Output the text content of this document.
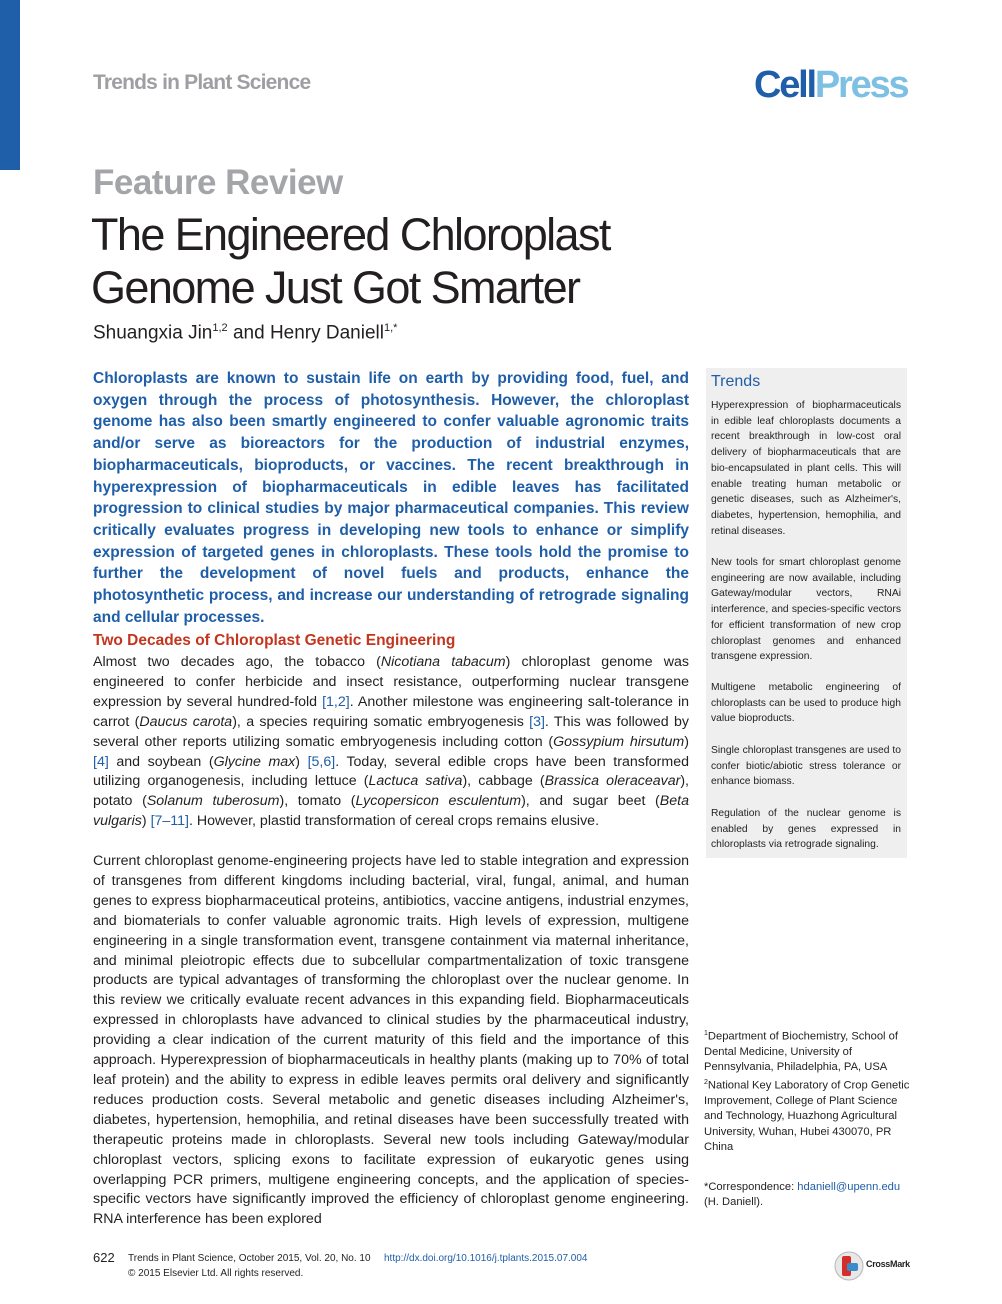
Trends in Plant Science	CellPress
Feature Review
The Engineered Chloroplast
Genome Just Got Smarter
Shuangxia Jin$^{1,2}$ and Henry Daniell$^{1,*}$

Chloroplasts are known to sustain life on earth by providing food, fuel, and oxygen through the process of photosynthesis. However, the chloroplast genome has also been smartly engineered to confer valuable agronomic traits and/or serve as bioreactors for the production of industrial enzymes, biopharmaceuticals, bioproducts, or vaccines. The recent breakthrough in hyperexpression of biopharmaceuticals in edible leaves has facilitated progression to clinical studies by major pharmaceutical companies. This review critically evaluates progress in developing new tools to enhance or simplify expression of targeted genes in chloroplasts. These tools hold the promise to further the development of novel fuels and products, enhance the photosynthetic process, and increase our understanding of retrograde signaling and cellular processes.

Two Decades of Chloroplast Genetic Engineering

Almost two decades ago, the tobacco (Nicotiana tabacum) chloroplast genome was engineered to confer herbicide and insect resistance, outperforming nuclear transgene expression by several hundred-fold [1,2]. Another milestone was engineering salt-tolerance in carrot (Daucus carota), a species requiring somatic embryogenesis [3]. This was followed by several other reports utilizing somatic embryogenesis including cotton (Gossypium hirsutum) [4] and soybean (Glycine max) [5,6]. Today, several edible crops have been transformed utilizing organogenesis, including lettuce (Lactuca sativa), cabbage (Brassica oleraceavar), potato (Solanum tuberosum), tomato (Lycopersicon esculentum), and sugar beet (Beta vulgaris) [7–11]. However, plastid transformation of cereal crops remains elusive.

Current chloroplast genome-engineering projects have led to stable integration and expression of transgenes from different kingdoms including bacterial, viral, fungal, animal, and human genes to express biopharmaceutical proteins, antibiotics, vaccine antigens, industrial enzymes, and biomaterials to confer valuable agronomic traits. High levels of expression, multigene engineering in a single transformation event, transgene containment via maternal inheritance, and minimal pleiotropic effects due to subcellular compartmentalization of toxic transgene products are typical advantages of transforming the chloroplast over the nuclear genome. In this review we critically evaluate recent advances in this expanding field. Biopharmaceuticals expressed in chloroplasts have advanced to clinical studies by the pharmaceutical industry, providing a clear indication of the current maturity of this field and the importance of this approach. Hyperexpression of biopharmaceuticals in healthy plants (making up to 70% of total leaf protein) and the ability to express in edible leaves permits oral delivery and significantly reduces production costs. Several metabolic and genetic diseases including Alzheimer's, diabetes, hypertension, hemophilia, and retinal diseases have been successfully treated with therapeutic proteins made in chloroplasts. Several new tools including Gateway/modular chloroplast vectors, splicing exons to facilitate expression of eukaryotic genes using overlapping PCR primers, multigene engineering concepts, and the application of species-specific vectors have significantly improved the efficiency of chloroplast genome engineering. RNA interference has been explored

Trends

Hyperexpression of biopharmaceuticals in edible leaf chloroplasts documents a recent breakthrough in low-cost oral delivery of biopharmaceuticals that are bio-encapsulated in plant cells. This will enable treating human metabolic or genetic diseases, such as Alzheimer's, diabetes, hypertension, hemophilia, and retinal diseases.

New tools for smart chloroplast genome engineering are now available, including Gateway/modular vectors, RNAi interference, and species-specific vectors for efficient transformation of new crop chloroplast genomes and enhanced transgene expression.

Multigene metabolic engineering of chloroplasts can be used to produce high value bioproducts.

Single chloroplast transgenes are used to confer biotic/abiotic stress tolerance or enhance biomass.

Regulation of the nuclear genome is enabled by genes expressed in chloroplasts via retrograde signaling.

$^1$Department of Biochemistry, School of Dental Medicine, University of Pennsylvania, Philadelphia, PA, USA
$^2$National Key Laboratory of Crop Genetic Improvement, College of Plant Science and Technology, Huazhong Agricultural University, Wuhan, Hubei 430070, PR China

*Correspondence: hdaniell@upenn.edu
(H. Daniell).

622 Trends in Plant Science, October 2015, Vol. 20, No. 10 http://dx.doi.org/10.1016/j.tplants.2015.07.004
© 2015 Elsevier Ltd. All rights reserved.
CrossMark
